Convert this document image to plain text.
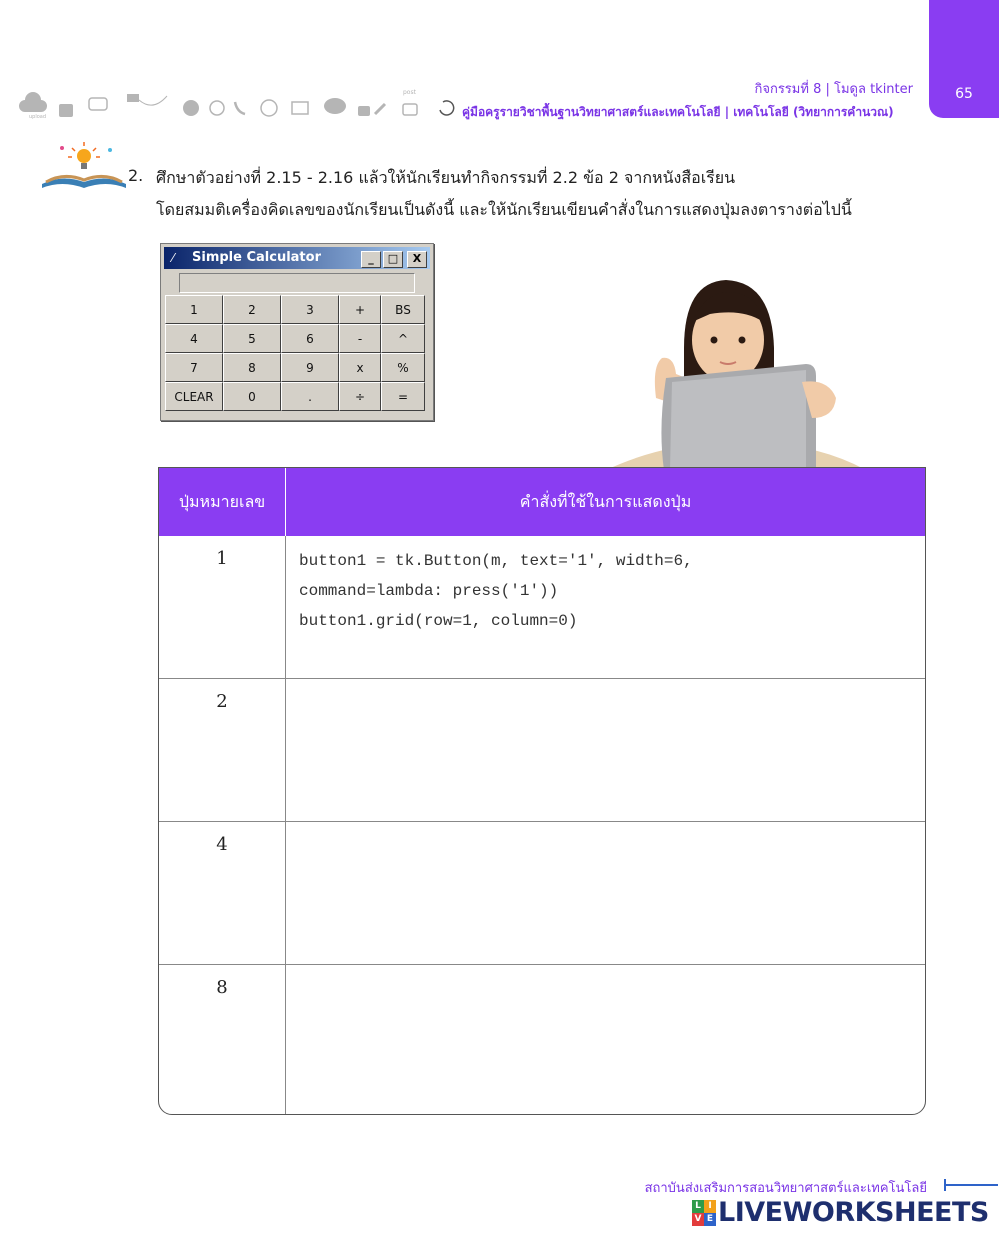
65
กิจกรรมที่ 8 | โมดูล tkinter
คู่มือครูรายวิชาพื้นฐานวิทยาศาสตร์และเทคโนโลยี | เทคโนโลยี (วิทยาการคำนวณ)
upload
post
2. ศึกษาตัวอย่างที่ 2.15 - 2.16 แล้วให้นักเรียนทำกิจกรรมที่ 2.2 ข้อ 2 จากหนังสือเรียน
โดยสมมติเครื่องคิดเลขของนักเรียนเป็นดังนี้ และให้นักเรียนเขียนคำสั่งในการแสดงปุ่มลงตารางต่อไปนี้
⁄ Simple Calculator	_	□	X
1	2	3	+	BS
4	5	6	-	^
7	8	9	x	%
CLEAR	0	.	÷	=
ปุ่มหมายเลข	คำสั่งที่ใช้ในการแสดงปุ่ม
1	button1 = tk.Button(m, text='1', width=6,
command=lambda: press('1'))
button1.grid(row=1, column=0)
2
4
8
สถาบันส่งเสริมการสอนวิทยาศาสตร์และเทคโนโลยี
L I
V E LIVEWORKSHEETS
